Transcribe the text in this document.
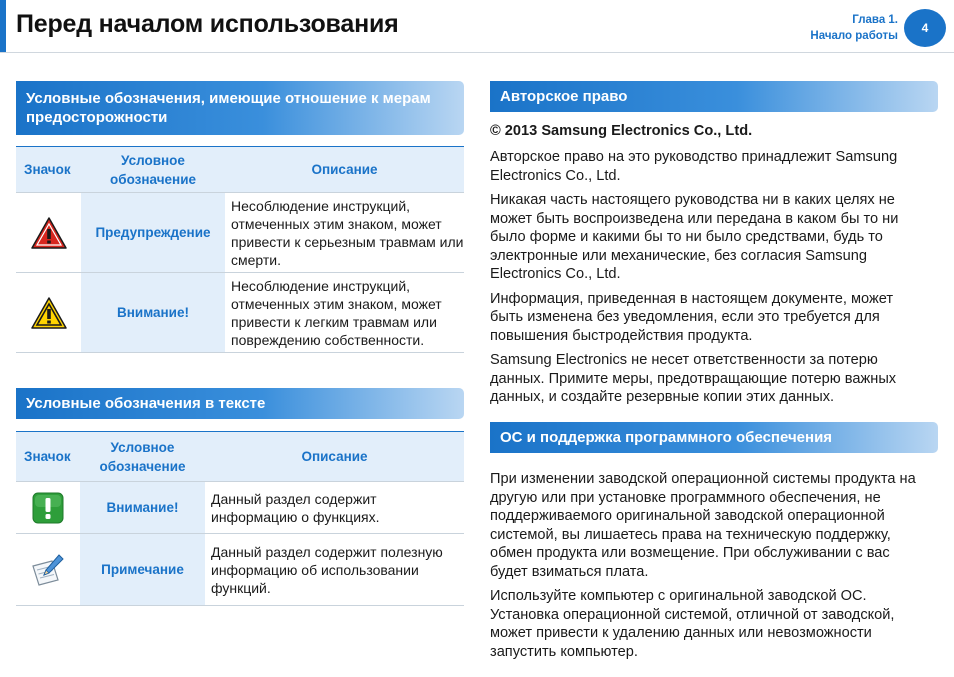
Перед началом использования	Глава 1.
Начало работы
4
Условные обозначения, имеющие отношение к мерам предосторожности
Значок	Условное обозначение	Описание
	Предупреждение	Несоблюдение инструкций, отмеченных этим знаком, может привести к серьезным травмам или смерти.
	Внимание!	Несоблюдение инструкций, отмеченных этим знаком, может привести к легким травмам или повреждению собственности.
Условные обозначения в тексте
Значок	Условное обозначение	Описание
	Внимание!	Данный раздел содержит информацию о функциях.
	Примечание	Данный раздел содержит полезную информацию об использовании функций.
Авторское право

© 2013 Samsung Electronics Co., Ltd.

Авторское право на это руководство принадлежит Samsung Electronics Co., Ltd.

Никакая часть настоящего руководства ни в каких целях не может быть воспроизведена или передана в каком бы то ни было форме и какими бы то ни было средствами, будь то электронные или механические, без согласия Samsung Electronics Co., Ltd.

Информация, приведенная в настоящем документе, может быть изменена без уведомления, если это требуется для повышения быстродействия продукта.

Samsung Electronics не несет ответственности за потерю данных. Примите меры, предотвращающие потерю важных данных, и создайте резервные копии этих данных.

ОС и поддержка программного обеспечения

При изменении заводской операционной системы продукта на другую или при установке программного обеспечения, не поддерживаемого оригинальной заводской операционной системой, вы лишаетесь права на техническую поддержку, обмен продукта или возмещение. При обслуживании с вас будет взиматься плата.

Используйте компьютер с оригинальной заводской ОС. Установка операционной системой, отличной от заводской, может привести к удалению данных или невозможности запустить компьютер.
